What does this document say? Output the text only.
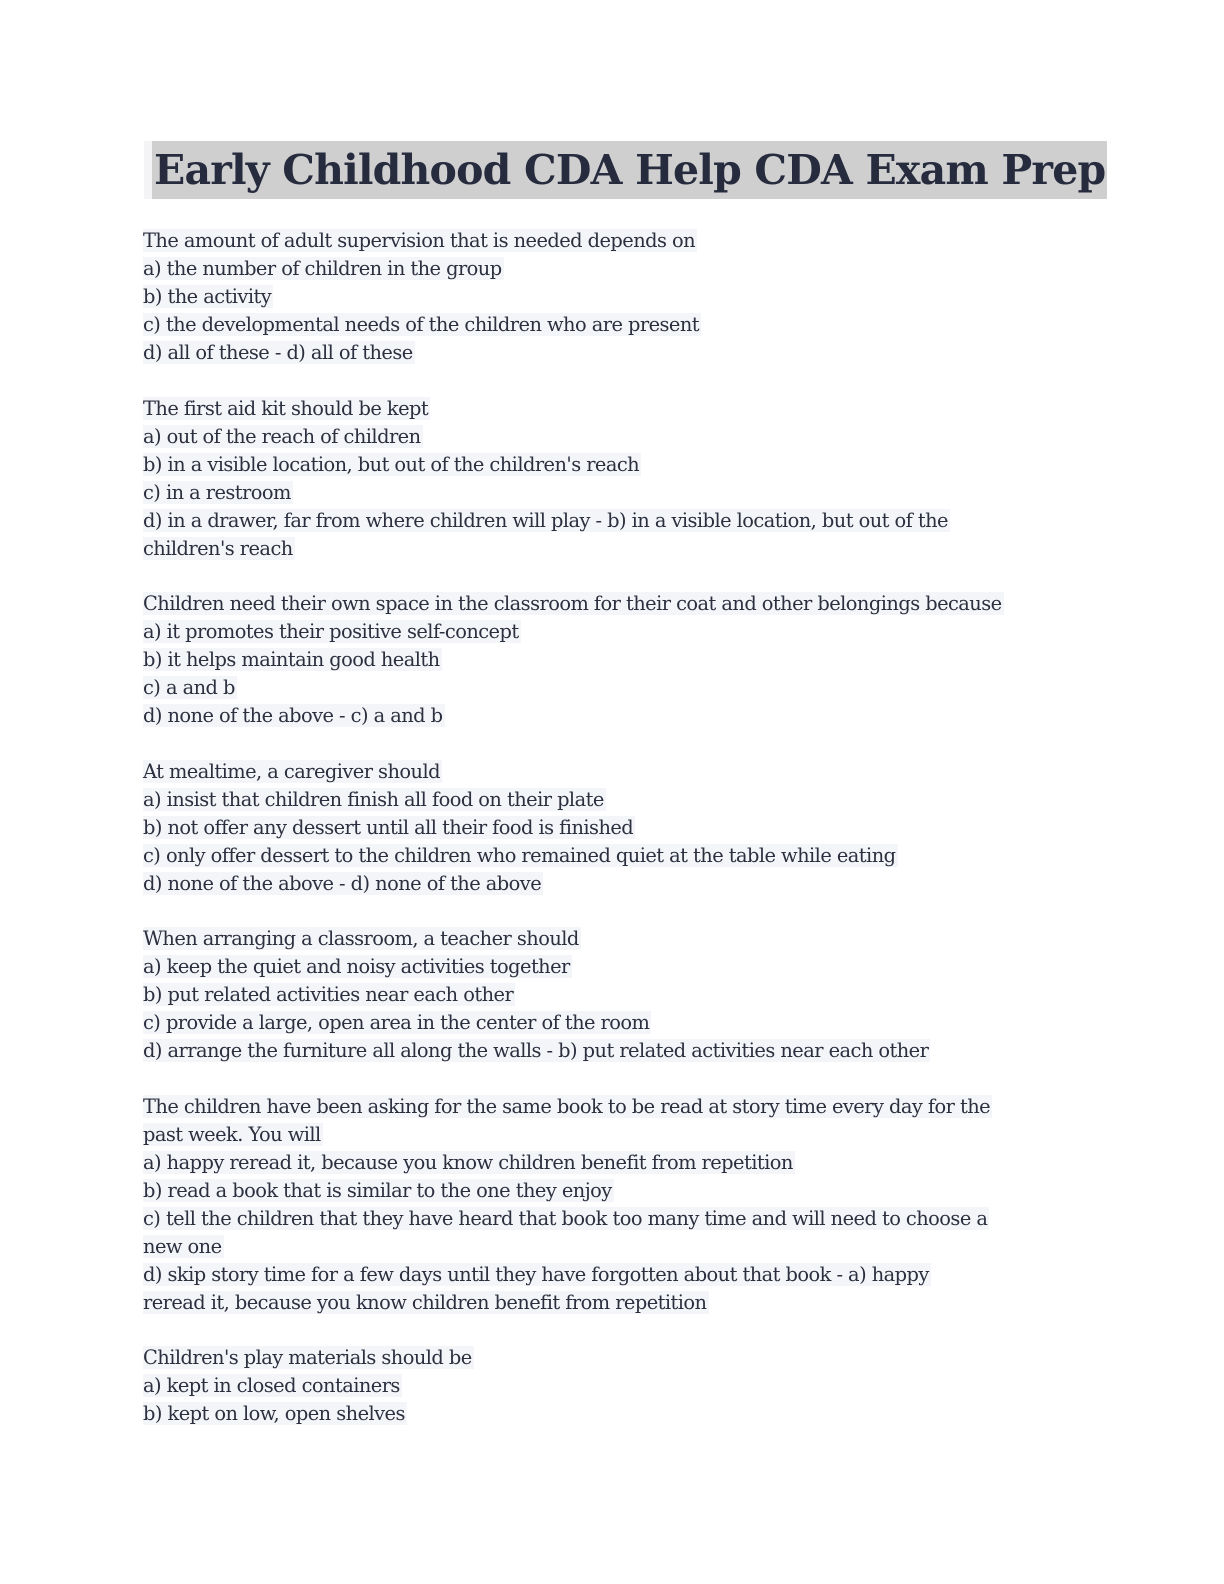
Early Childhood CDA Help CDA Exam Prep
The amount of adult supervision that is needed depends on
a) the number of children in the group
b) the activity
c) the developmental needs of the children who are present
d) all of these - d) all of these
The first aid kit should be kept
a) out of the reach of children
b) in a visible location, but out of the children's reach
c) in a restroom
d) in a drawer, far from where children will play - b) in a visible location, but out of the
children's reach
Children need their own space in the classroom for their coat and other belongings because
a) it promotes their positive self-concept
b) it helps maintain good health
c) a and b
d) none of the above - c) a and b
At mealtime, a caregiver should
a) insist that children finish all food on their plate
b) not offer any dessert until all their food is finished
c) only offer dessert to the children who remained quiet at the table while eating
d) none of the above - d) none of the above
When arranging a classroom, a teacher should
a) keep the quiet and noisy activities together
b) put related activities near each other
c) provide a large, open area in the center of the room
d) arrange the furniture all along the walls - b) put related activities near each other
The children have been asking for the same book to be read at story time every day for the
past week. You will
a) happy reread it, because you know children benefit from repetition
b) read a book that is similar to the one they enjoy
c) tell the children that they have heard that book too many time and will need to choose a
new one
d) skip story time for a few days until they have forgotten about that book - a) happy
reread it, because you know children benefit from repetition
Children's play materials should be
a) kept in closed containers
b) kept on low, open shelves
